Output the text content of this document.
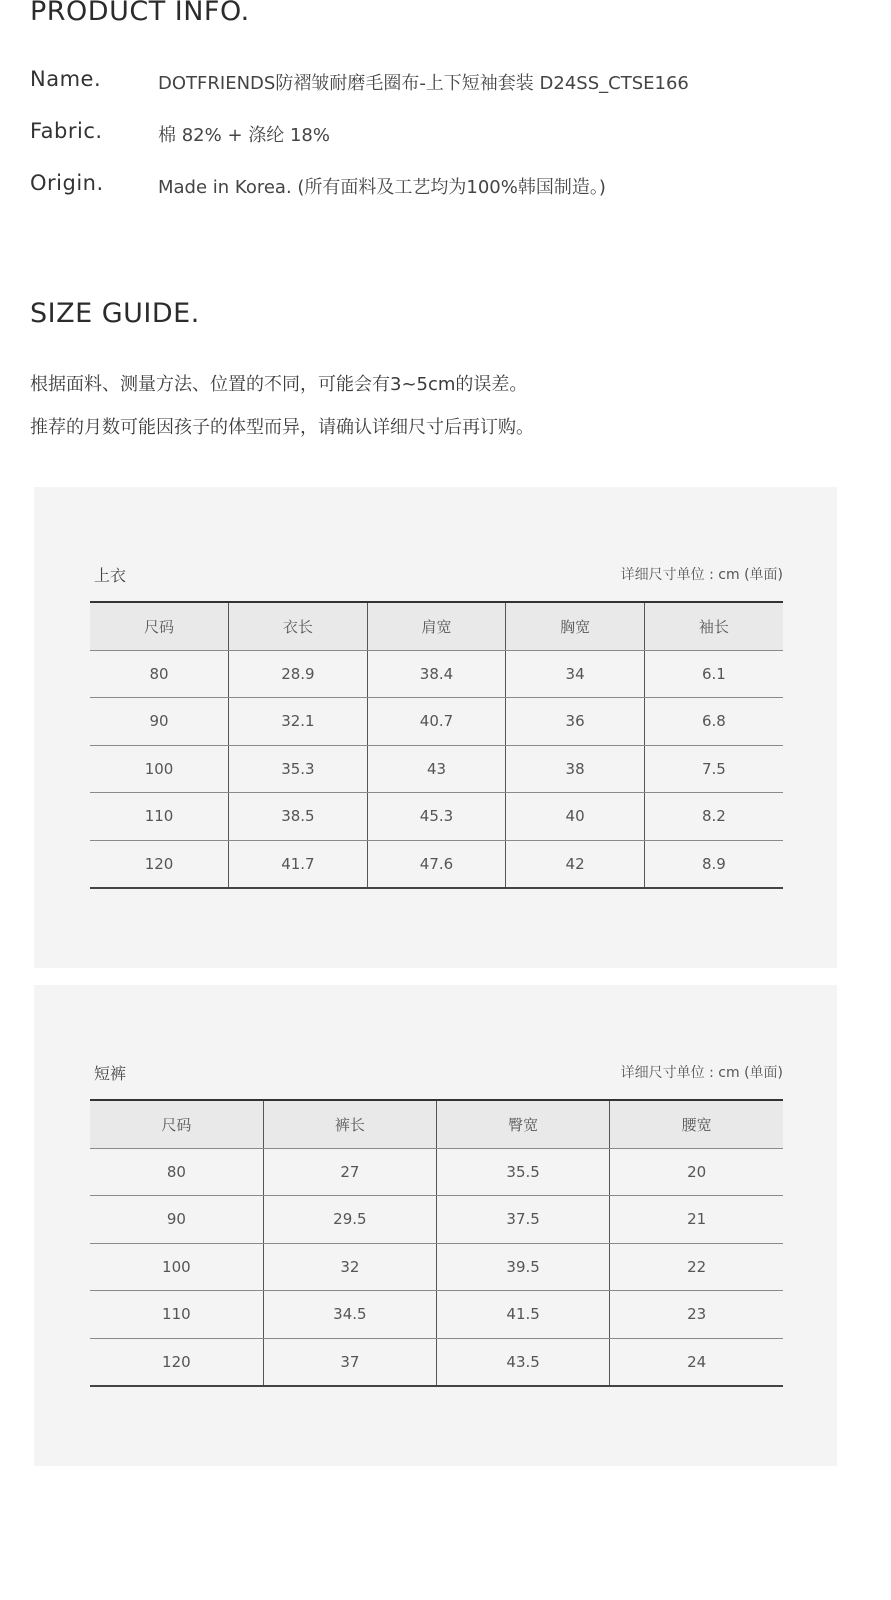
PRODUCT INFO.
Name.	DOTFRIENDS防褶皱耐磨毛圈布-上下短袖套装 D24SS_CTSE166
Fabric.	棉 82% + 涤纶 18%
Origin.	Made in Korea. (所有面料及工艺均为100%韩国制造。)
SIZE GUIDE.
根据面料、测量方法、位置的不同，可能会有3~5cm的误差。
推荐的月数可能因孩子的体型而异，请确认详细尺寸后再订购。
上衣	详细尺寸单位 : cm (单面)
尺码	衣长	肩宽	胸宽	袖长
80	28.9	38.4	34	6.1
90	32.1	40.7	36	6.8
100	35.3	43	38	7.5
110	38.5	45.3	40	8.2
120	41.7	47.6	42	8.9
短裤	详细尺寸单位 : cm (单面)
尺码	裤长	臀宽	腰宽
80	27	35.5	20
90	29.5	37.5	21
100	32	39.5	22
110	34.5	41.5	23
120	37	43.5	24
